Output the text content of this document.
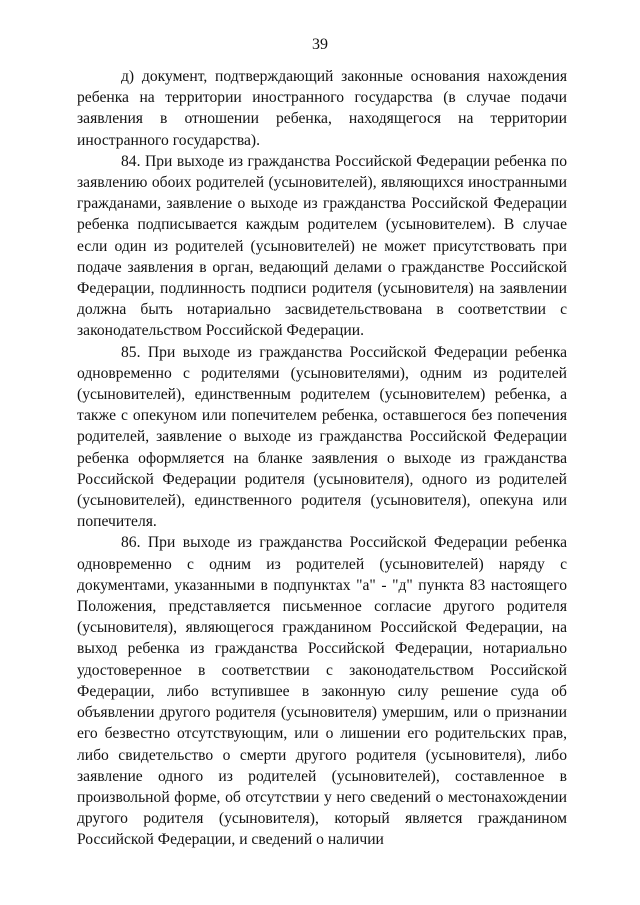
39

д) документ, подтверждающий законные основания нахождения ребенка на территории иностранного государства (в случае подачи заявления в отношении ребенка, находящегося на территории иностранного государства).

84. При выходе из гражданства Российской Федерации ребенка по заявлению обоих родителей (усыновителей), являющихся иностранными гражданами, заявление о выходе из гражданства Российской Федерации ребенка подписывается каждым родителем (усыновителем). В случае если один из родителей (усыновителей) не может присутствовать при подаче заявления в орган, ведающий делами о гражданстве Российской Федерации, подлинность подписи родителя (усыновителя) на заявлении должна быть нотариально засвидетельствована в соответствии с законодательством Российской Федерации.

85. При выходе из гражданства Российской Федерации ребенка одновременно с родителями (усыновителями), одним из родителей (усыновителей), единственным родителем (усыновителем) ребенка, а также с опекуном или попечителем ребенка, оставшегося без попечения родителей, заявление о выходе из гражданства Российской Федерации ребенка оформляется на бланке заявления о выходе из гражданства Российской Федерации родителя (усыновителя), одного из родителей (усыновителей), единственного родителя (усыновителя), опекуна или попечителя.

86. При выходе из гражданства Российской Федерации ребенка одновременно с одним из родителей (усыновителей) наряду с документами, указанными в подпунктах "а" - "д" пункта 83 настоящего Положения, представляется письменное согласие другого родителя (усыновителя), являющегося гражданином Российской Федерации, на выход ребенка из гражданства Российской Федерации, нотариально удостоверенное в соответствии с законодательством Российской Федерации, либо вступившее в законную силу решение суда об объявлении другого родителя (усыновителя) умершим, или о признании его безвестно отсутствующим, или о лишении его родительских прав, либо свидетельство о смерти другого родителя (усыновителя), либо заявление одного из родителей (усыновителей), составленное в произвольной форме, об отсутствии у него сведений о местонахождении другого родителя (усыновителя), который является гражданином Российской Федерации, и сведений о наличии
